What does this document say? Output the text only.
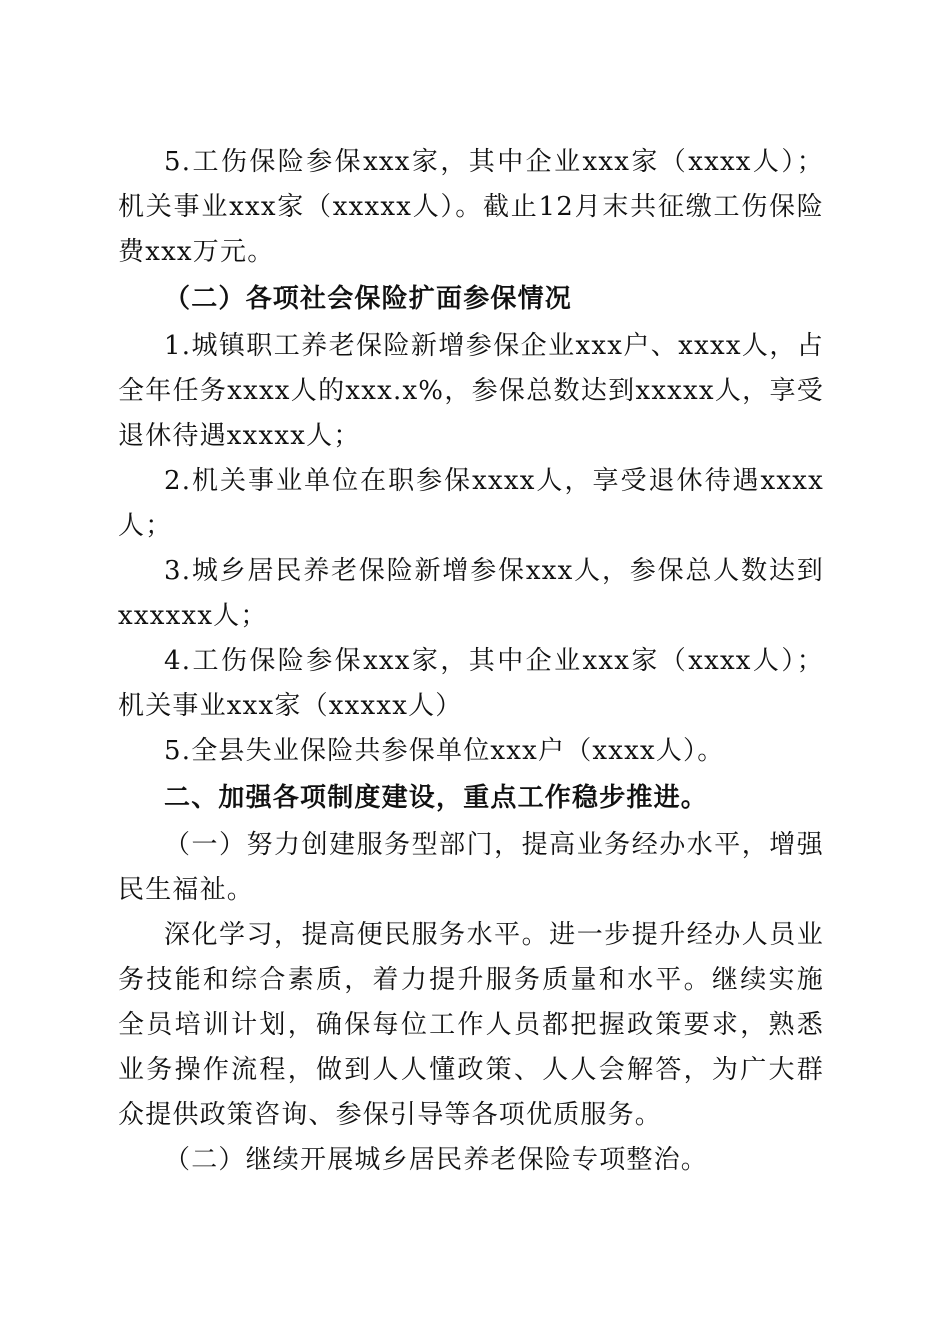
5.工伤保险参保xxx家，其中企业xxx家（xxxx人）；机关事业xxx家（xxxxx人）。截止12月末共征缴工伤保险费xxx万元。

（二）各项社会保险扩面参保情况

1.城镇职工养老保险新增参保企业xxx户、xxxx人，占全年任务xxxx人的xxx.x%，参保总数达到xxxxx人，享受退休待遇xxxxx人；

2.机关事业单位在职参保xxxx人，享受退休待遇xxxx人；

3.城乡居民养老保险新增参保xxx人，参保总人数达到xxxxxx人；

4.工伤保险参保xxx家，其中企业xxx家（xxxx人）；机关事业xxx家（xxxxx人）

5.全县失业保险共参保单位xxx户（xxxx人）。

二、加强各项制度建设，重点工作稳步推进。

（一）努力创建服务型部门，提高业务经办水平，增强民生福祉。

深化学习，提高便民服务水平。进一步提升经办人员业务技能和综合素质，着力提升服务质量和水平。继续实施全员培训计划，确保每位工作人员都把握政策要求，熟悉业务操作流程，做到人人懂政策、人人会解答，为广大群众提供政策咨询、参保引导等各项优质服务。

（二）继续开展城乡居民养老保险专项整治。
